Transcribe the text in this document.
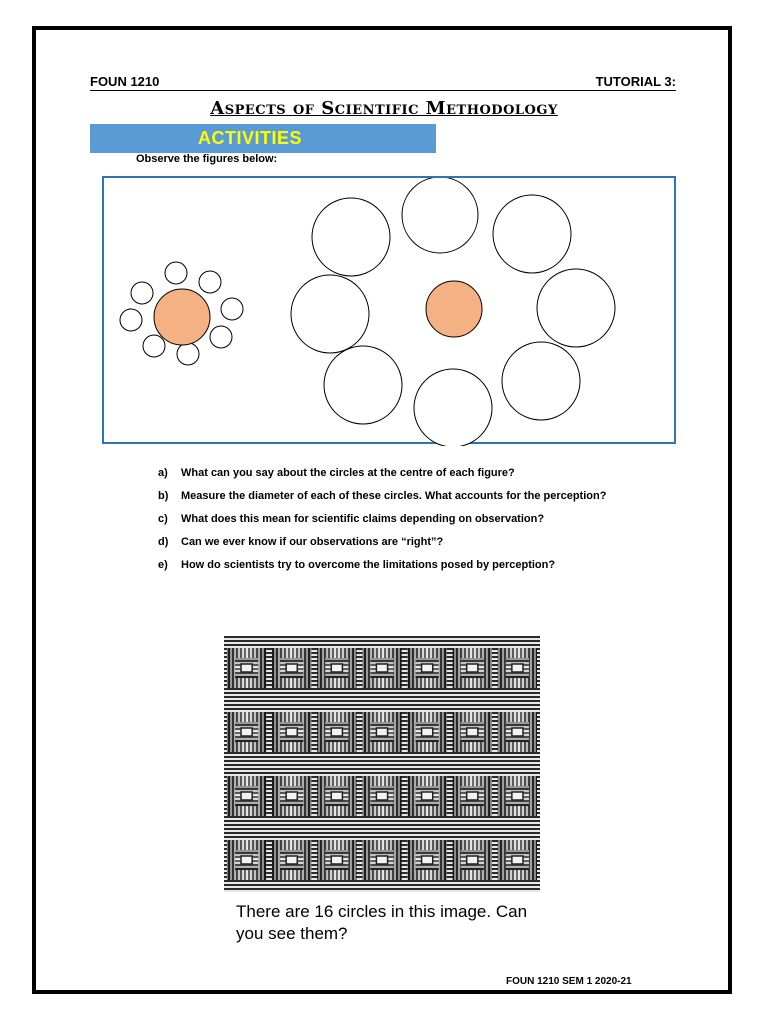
FOUN 1210	TUTORIAL 3:
Aspects of Scientific Methodology
ACTIVITIES
Observe the figures below:
a) What can you say about the circles at the centre of each figure?
b) Measure the diameter of each of these circles. What accounts for the perception?
c) What does this mean for scientific claims depending on observation?
d) Can we ever know if our observations are “right”?
e) How do scientists try to overcome the limitations posed by perception?
There are 16 circles in this image. Can you see them?
FOUN 1210 SEM 1 2020-21
